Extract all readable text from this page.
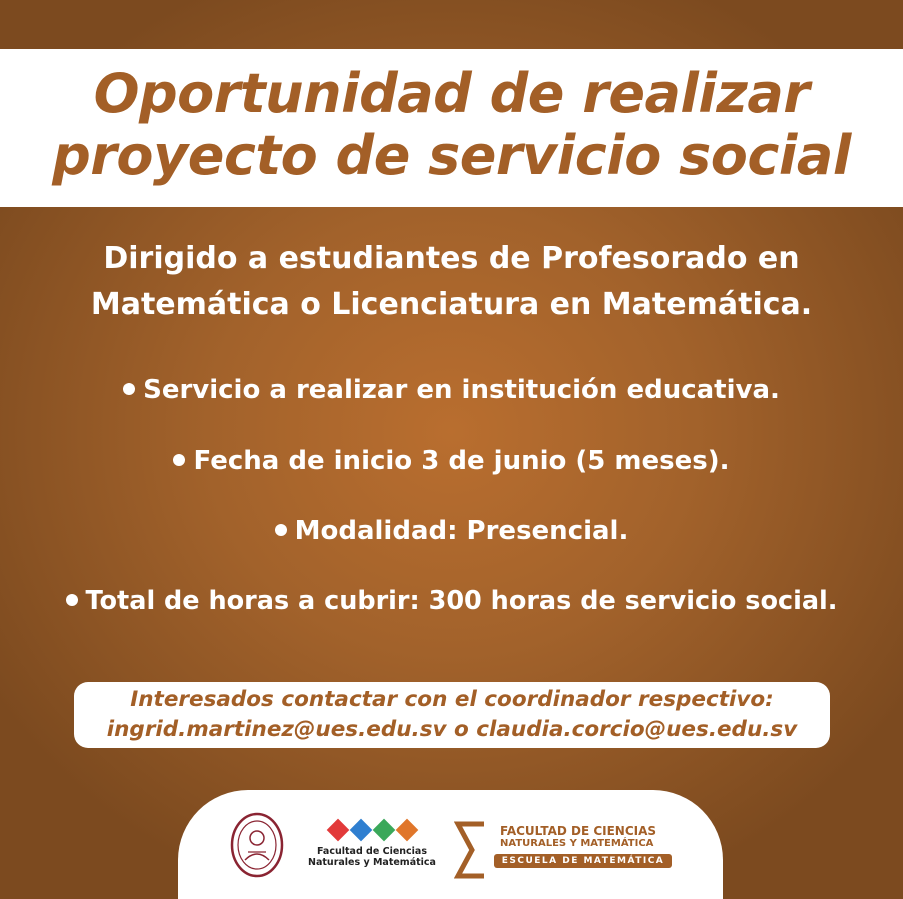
Oportunidad de realizar
proyecto de servicio social
Dirigido a estudiantes de Profesorado en
Matemática o Licenciatura en Matemática.
Servicio a realizar en institución educativa.
Fecha de inicio 3 de junio (5 meses).
Modalidad: Presencial.
Total de horas a cubrir: 300 horas de servicio social.
Interesados contactar con el coordinador respectivo:
ingrid.martinez@ues.edu.sv o claudia.corcio@ues.edu.sv
Facultad de Ciencias
Naturales y Matemática
FACULTAD DE CIENCIAS
NATURALES Y MATEMÁTICA
ESCUELA DE MATEMÁTICA
